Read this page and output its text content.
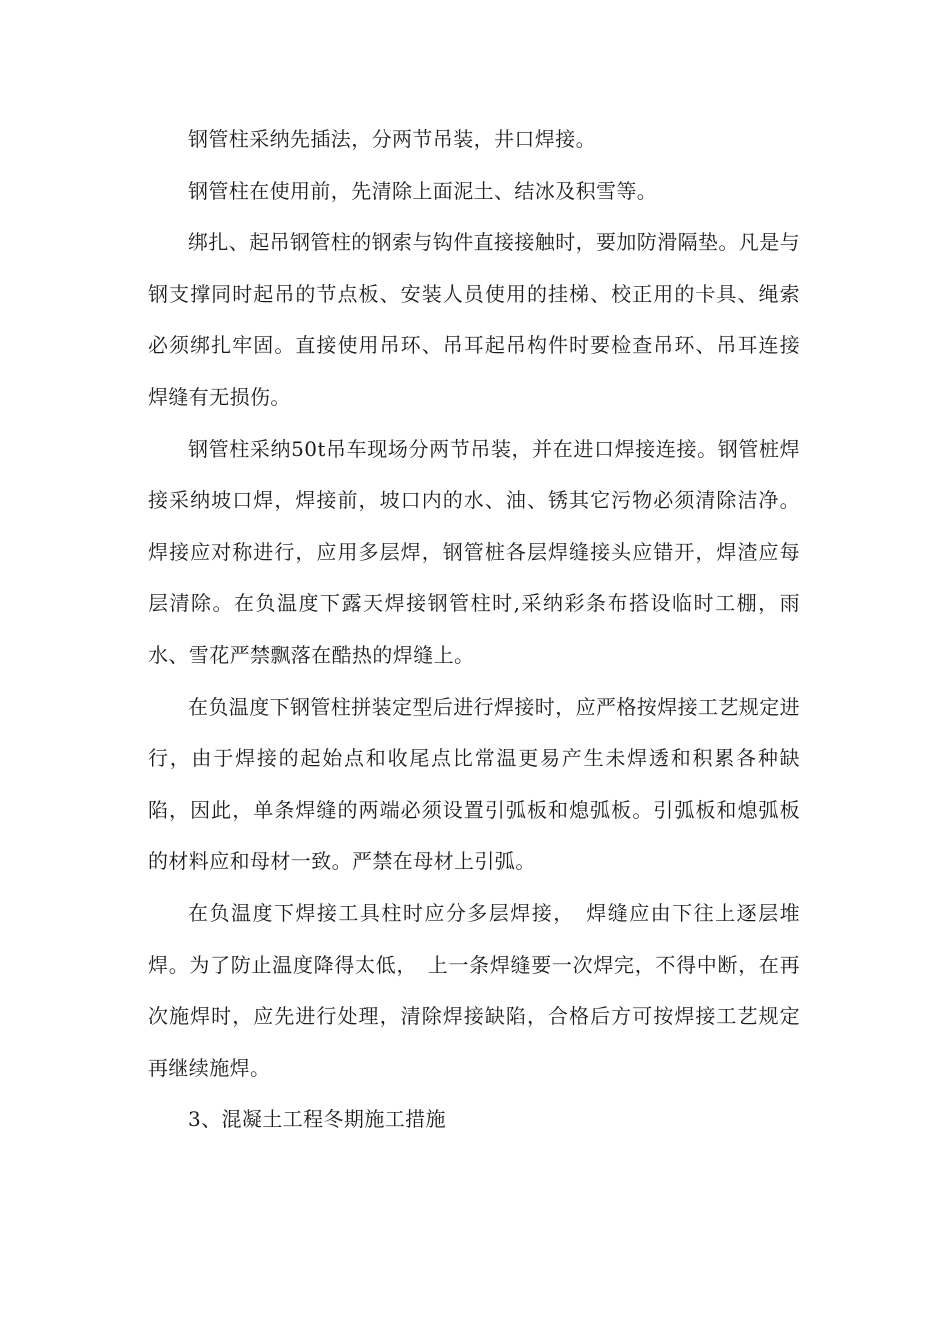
钢管柱采纳先插法，分两节吊装，井口焊接。

钢管柱在使用前，先清除上面泥土、结冰及积雪等。

绑扎、起吊钢管柱的钢索与钩件直接接触时，要加防滑隔垫。凡是与钢支撑同时起吊的节点板、安装人员使用的挂梯、校正用的卡具、绳索必须绑扎牢固。直接使用吊环、吊耳起吊构件时要检查吊环、吊耳连接焊缝有无损伤。

钢管柱采纳50t吊车现场分两节吊装，并在进口焊接连接。钢管桩焊接采纳坡口焊，焊接前，坡口内的水、油、锈其它污物必须清除洁净。焊接应对称进行，应用多层焊，钢管桩各层焊缝接头应错开，焊渣应每层清除。在负温度下露天焊接钢管柱时,采纳彩条布搭设临时工棚，雨水、雪花严禁飘落在酷热的焊缝上。

在负温度下钢管柱拼装定型后进行焊接时，应严格按焊接工艺规定进行，由于焊接的起始点和收尾点比常温更易产生未焊透和积累各种缺陷，因此，单条焊缝的两端必须设置引弧板和熄弧板。引弧板和熄弧板的材料应和母材一致。严禁在母材上引弧。

在负温度下焊接工具柱时应分多层焊接，　焊缝应由下往上逐层堆焊。为了防止温度降得太低，　上一条焊缝要一次焊完，不得中断，在再次施焊时，应先进行处理，清除焊接缺陷，合格后方可按焊接工艺规定再继续施焊。

3、混凝土工程冬期施工措施
